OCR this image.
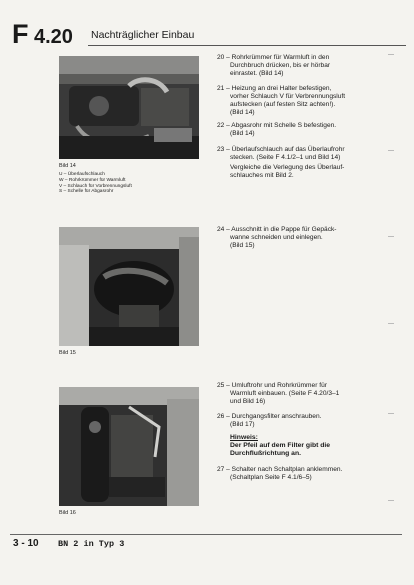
F 4.20 Nachträglicher Einbau
Bild 14
U – Überlaufschlauch
W – Rohrkrümmer für Warmluft
V – Schlauch für Vorbrennungsluft
S – Schelle für Abgasrohr
Bild 15
Bild 16
20 – Rohrkrümmer für Warmluft in den
Durchbruch drücken, bis er hörbar
einrastet. (Bild 14)
21 – Heizung an drei Halter befestigen,
vorher Schlauch V für Verbrennungsluft
aufstecken (auf festen Sitz achten!).
(Bild 14)
22 – Abgasrohr mit Schelle S befestigen.
(Bild 14)
23 – Überlaufschlauch auf das Überlaufrohr
stecken. (Seite F 4.1/2–1 und Bild 14)
Vergleiche die Verlegung des Überlauf-
schlauches mit Bild 2.
24 – Ausschnitt in die Pappe für Gepäck-
wanne schneiden und einlegen.
(Bild 15)
25 – Umluftrohr und Rohrkrümmer für
Warmluft einbauen. (Seite F 4.20/3–1
und Bild 16)
26 – Durchgangsfilter anschrauben.
(Bild 17)
Hinweis:
Der Pfeil auf dem Filter gibt die
Durchflußrichtung an.
27 – Schalter nach Schaltplan anklemmen.
(Schaltplan Seite F 4.1/6–5)
3 - 10 BN 2 in Typ 3
